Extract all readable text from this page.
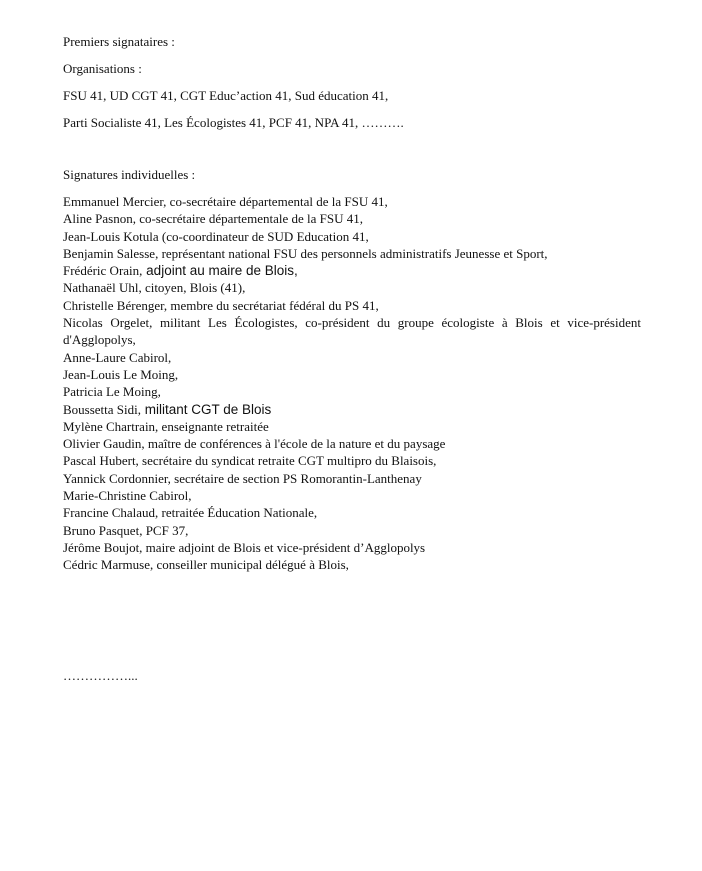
Premiers signataires :

Organisations :

FSU 41, UD CGT 41, CGT Educ’action 41, Sud éducation 41,

Parti Socialiste 41, Les Écologistes 41, PCF 41, NPA 41, ……….

Signatures individuelles :

Emmanuel Mercier, co-secrétaire départemental de la FSU 41,
Aline Pasnon, co-secrétaire départementale de la FSU 41,
Jean-Louis Kotula (co-coordinateur de SUD Education 41,
Benjamin Salesse, représentant national FSU des personnels administratifs Jeunesse et Sport,
Frédéric Orain, adjoint au maire de Blois,
Nathanaël Uhl, citoyen, Blois (41),
Christelle Bérenger, membre du secrétariat fédéral du PS 41,
Nicolas Orgelet, militant Les Écologistes, co-président du groupe écologiste à Blois et vice-président d'Agglopolys,
Anne-Laure Cabirol,
Jean-Louis Le Moing,
Patricia Le Moing,
Boussetta Sidi, militant CGT de Blois
Mylène Chartrain, enseignante retraitée
Olivier Gaudin, maître de conférences à l'école de la nature et du paysage
Pascal Hubert, secrétaire du syndicat retraite CGT multipro du Blaisois,
Yannick Cordonnier, secrétaire de section PS Romorantin-Lanthenay
Marie-Christine Cabirol,
Francine Chalaud, retraitée Éducation Nationale,
Bruno Pasquet, PCF 37,
Jérôme Boujot, maire adjoint de Blois et vice-président d’Agglopolys
Cédric Marmuse, conseiller municipal délégué à Blois,

……………...
